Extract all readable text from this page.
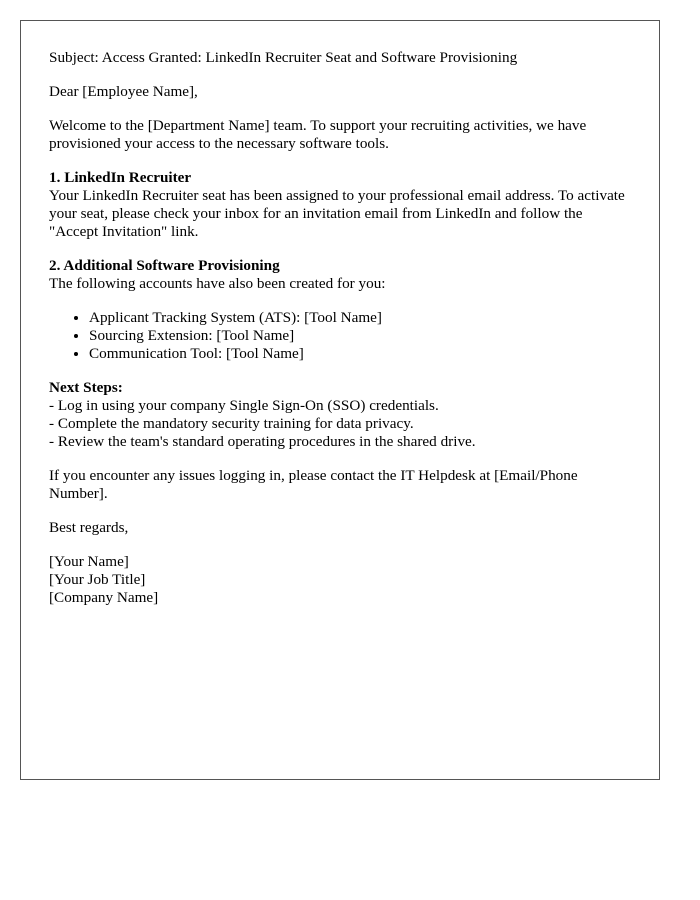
Subject: Access Granted: LinkedIn Recruiter Seat and Software Provisioning

Dear [Employee Name],

Welcome to the [Department Name] team. To support your recruiting activities, we have provisioned your access to the necessary software tools.

1. LinkedIn Recruiter
Your LinkedIn Recruiter seat has been assigned to your professional email address. To activate your seat, please check your inbox for an invitation email from LinkedIn and follow the "Accept Invitation" link.

2. Additional Software Provisioning
The following accounts have also been created for you:
• Applicant Tracking System (ATS): [Tool Name]
• Sourcing Extension: [Tool Name]
• Communication Tool: [Tool Name]

Next Steps:
- Log in using your company Single Sign-On (SSO) credentials.
- Complete the mandatory security training for data privacy.
- Review the team's standard operating procedures in the shared drive.

If you encounter any issues logging in, please contact the IT Helpdesk at [Email/Phone Number].

Best regards,

[Your Name]
[Your Job Title]
[Company Name]
